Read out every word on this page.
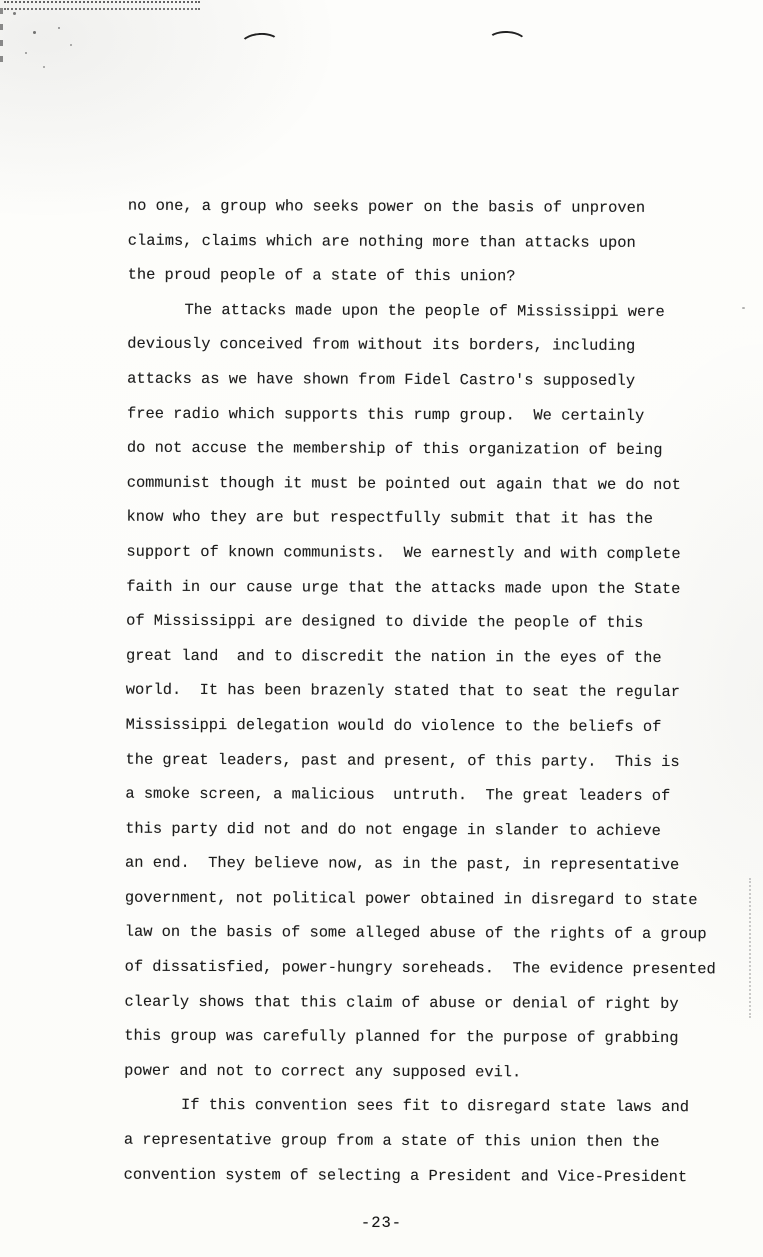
no one, a group who seeks power on the basis of unproven
claims, claims which are nothing more than attacks upon
the proud people of a state of this union?
The attacks made upon the people of Mississippi were
deviously conceived from without its borders, including
attacks as we have shown from Fidel Castro's supposedly
free radio which supports this rump group.  We certainly
do not accuse the membership of this organization of being
communist though it must be pointed out again that we do not
know who they are but respectfully submit that it has the
support of known communists.  We earnestly and with complete
faith in our cause urge that the attacks made upon the State
of Mississippi are designed to divide the people of this
great land  and to discredit the nation in the eyes of the
world.  It has been brazenly stated that to seat the regular
Mississippi delegation would do violence to the beliefs of
the great leaders, past and present, of this party.  This is
a smoke screen, a malicious  untruth.  The great leaders of
this party did not and do not engage in slander to achieve
an end.  They believe now, as in the past, in representative
government, not political power obtained in disregard to state
law on the basis of some alleged abuse of the rights of a group
of dissatisfied, power-hungry soreheads.  The evidence presented
clearly shows that this claim of abuse or denial of right by
this group was carefully planned for the purpose of grabbing
power and not to correct any supposed evil.
If this convention sees fit to disregard state laws and
a representative group from a state of this union then the
convention system of selecting a President and Vice-President
-23-
